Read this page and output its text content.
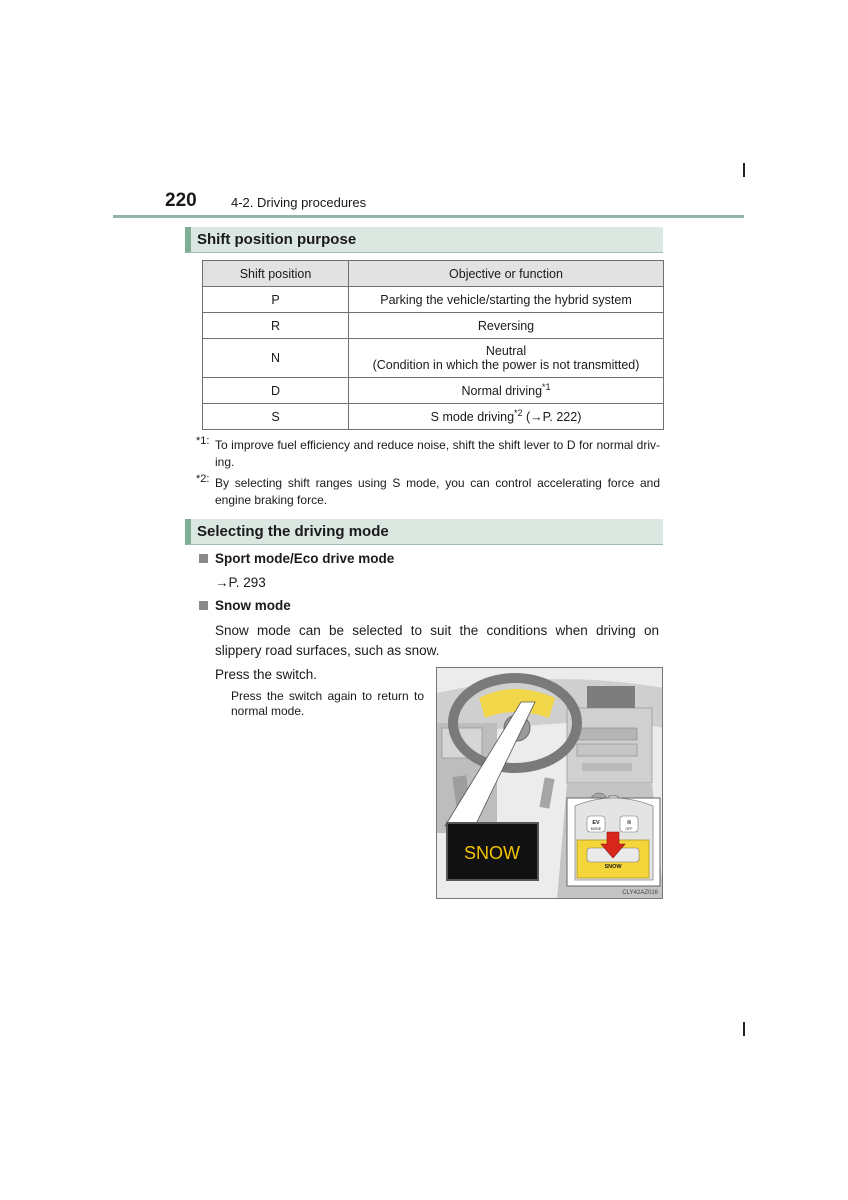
220	4-2. Driving procedures
Shift position purpose
Shift position	Objective or function
P	Parking the vehicle/starting the hybrid system
R	Reversing
N	Neutral
(Condition in which the power is not transmitted)
D	Normal driving$^{*1}$
S	S mode driving$^{*2}$ (→P. 222)
*1: To improve fuel efficiency and reduce noise, shift the shift lever to D for normal driv-ing.
*2: By selecting shift ranges using S mode, you can control accelerating force and engine braking force.
Selecting the driving mode
Sport mode/Eco drive mode
→P. 293
Snow mode
Snow mode can be selected to suit the conditions when driving on slippery road surfaces, such as snow.
Press the switch.
Press the switch again to return to normal mode.
SNOW
EV
MODE
⊛
OFF
SNOW
CLY42AZ016
